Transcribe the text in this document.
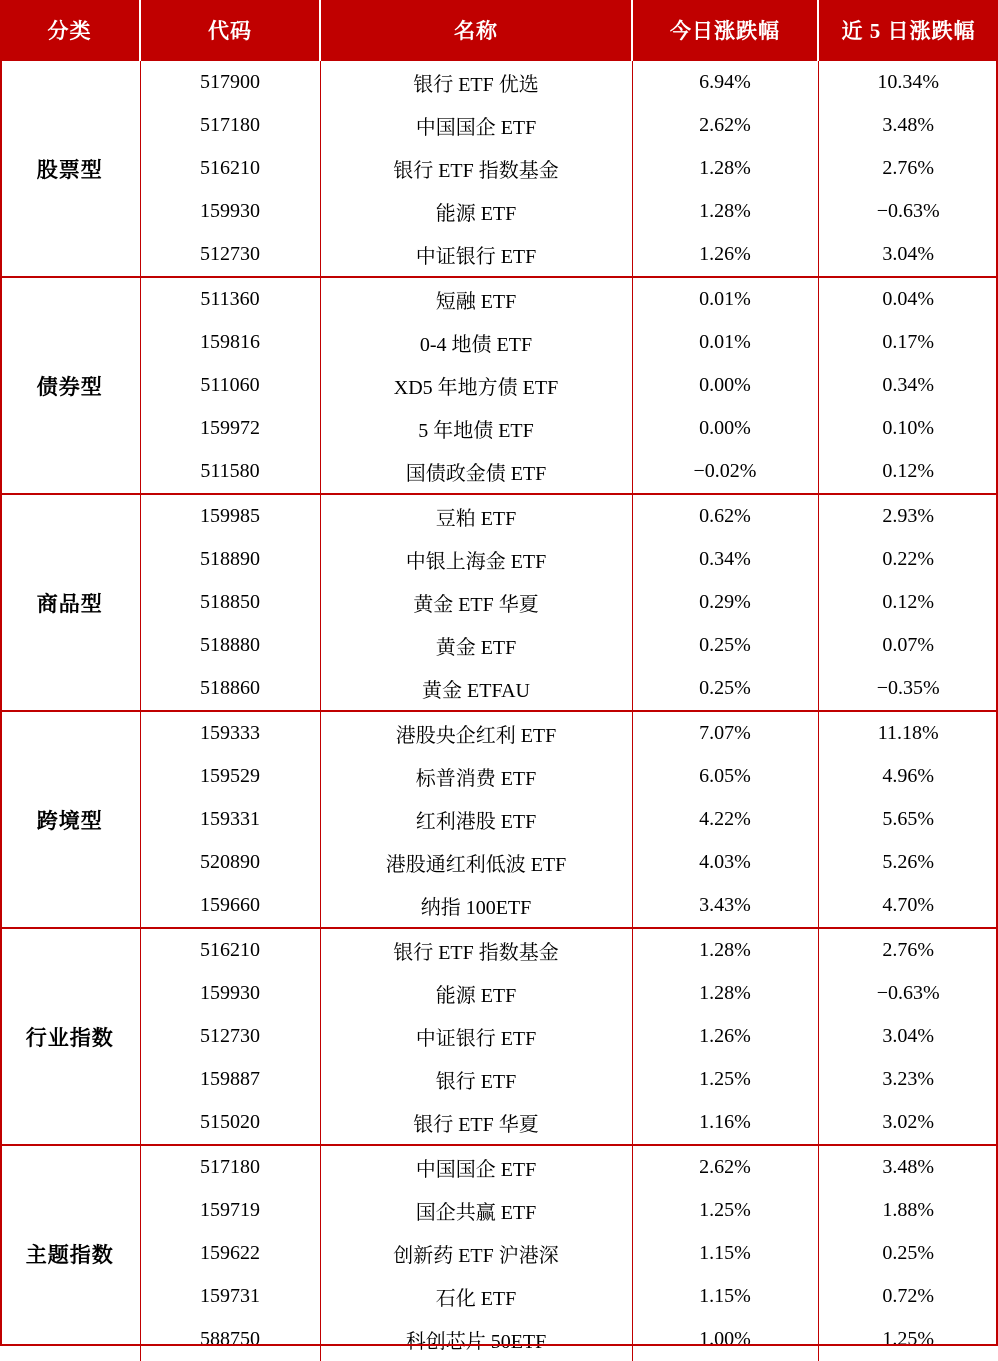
分类	代码	名称	今日涨跌幅	近 5 日涨跌幅
股票型	517900	银行 ETF 优选	6.94%	10.34%
	517180	中国国企 ETF	2.62%	3.48%
	516210	银行 ETF 指数基金	1.28%	2.76%
	159930	能源 ETF	1.28%	−0.63%
	512730	中证银行 ETF	1.26%	3.04%
债券型	511360	短融 ETF	0.01%	0.04%
	159816	0-4 地债 ETF	0.01%	0.17%
	511060	XD5 年地方债 ETF	0.00%	0.34%
	159972	5 年地债 ETF	0.00%	0.10%
	511580	国债政金债 ETF	−0.02%	0.12%
商品型	159985	豆粕 ETF	0.62%	2.93%
	518890	中银上海金 ETF	0.34%	0.22%
	518850	黄金 ETF 华夏	0.29%	0.12%
	518880	黄金 ETF	0.25%	0.07%
	518860	黄金 ETFAU	0.25%	−0.35%
跨境型	159333	港股央企红利 ETF	7.07%	11.18%
	159529	标普消费 ETF	6.05%	4.96%
	159331	红利港股 ETF	4.22%	5.65%
	520890	港股通红利低波 ETF	4.03%	5.26%
	159660	纳指 100ETF	3.43%	4.70%
行业指数	516210	银行 ETF 指数基金	1.28%	2.76%
	159930	能源 ETF	1.28%	−0.63%
	512730	中证银行 ETF	1.26%	3.04%
	159887	银行 ETF	1.25%	3.23%
	515020	银行 ETF 华夏	1.16%	3.02%
主题指数	517180	中国国企 ETF	2.62%	3.48%
	159719	国企共赢 ETF	1.25%	1.88%
	159622	创新药 ETF 沪港深	1.15%	0.25%
	159731	石化 ETF	1.15%	0.72%
	588750	科创芯片 50ETF	1.00%	1.25%
